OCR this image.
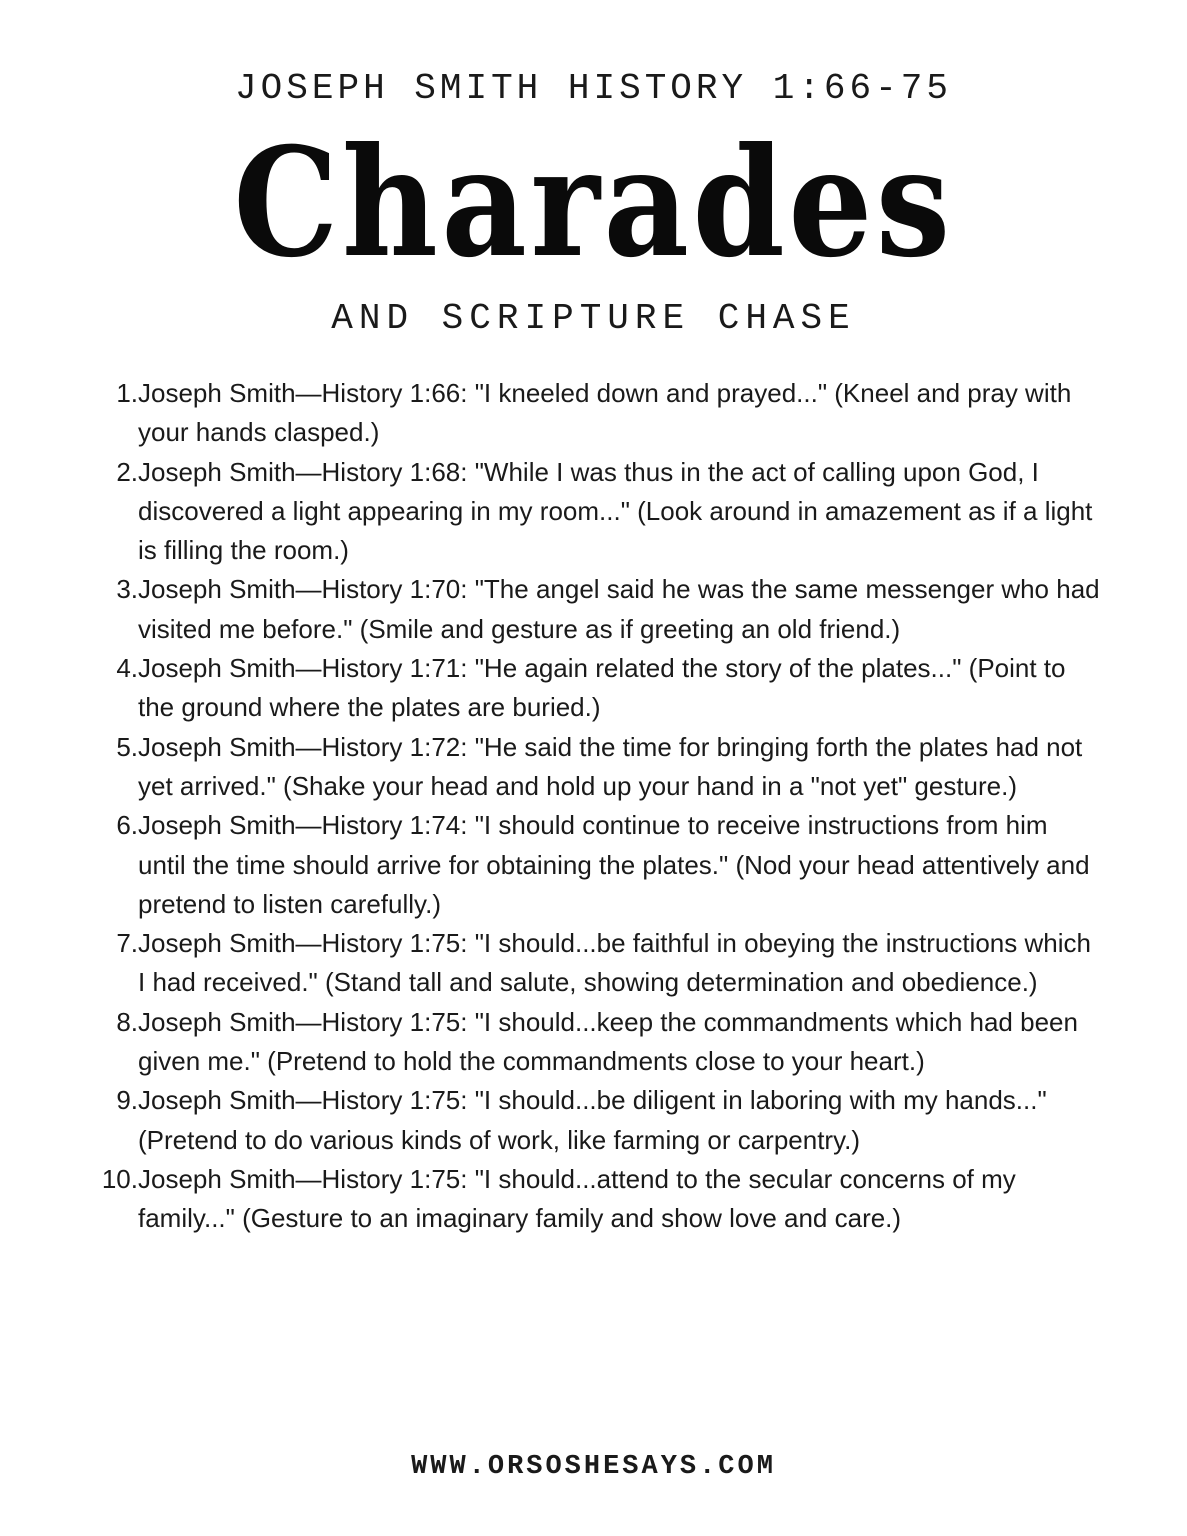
JOSEPH SMITH HISTORY 1:66-75
Charades
AND SCRIPTURE CHASE
1. Joseph Smith—History 1:66: "I kneeled down and prayed..." (Kneel and pray with your hands clasped.)
2. Joseph Smith—History 1:68: "While I was thus in the act of calling upon God, I discovered a light appearing in my room..." (Look around in amazement as if a light is filling the room.)
3. Joseph Smith—History 1:70: "The angel said he was the same messenger who had visited me before." (Smile and gesture as if greeting an old friend.)
4. Joseph Smith—History 1:71: "He again related the story of the plates..." (Point to the ground where the plates are buried.)
5. Joseph Smith—History 1:72: "He said the time for bringing forth the plates had not yet arrived." (Shake your head and hold up your hand in a "not yet" gesture.)
6. Joseph Smith—History 1:74: "I should continue to receive instructions from him until the time should arrive for obtaining the plates." (Nod your head attentively and pretend to listen carefully.)
7. Joseph Smith—History 1:75: "I should...be faithful in obeying the instructions which I had received." (Stand tall and salute, showing determination and obedience.)
8. Joseph Smith—History 1:75: "I should...keep the commandments which had been given me." (Pretend to hold the commandments close to your heart.)
9. Joseph Smith—History 1:75: "I should...be diligent in laboring with my hands..." (Pretend to do various kinds of work, like farming or carpentry.)
10. Joseph Smith—History 1:75: "I should...attend to the secular concerns of my family..." (Gesture to an imaginary family and show love and care.)
WWW.ORSOSHESAYS.COM
